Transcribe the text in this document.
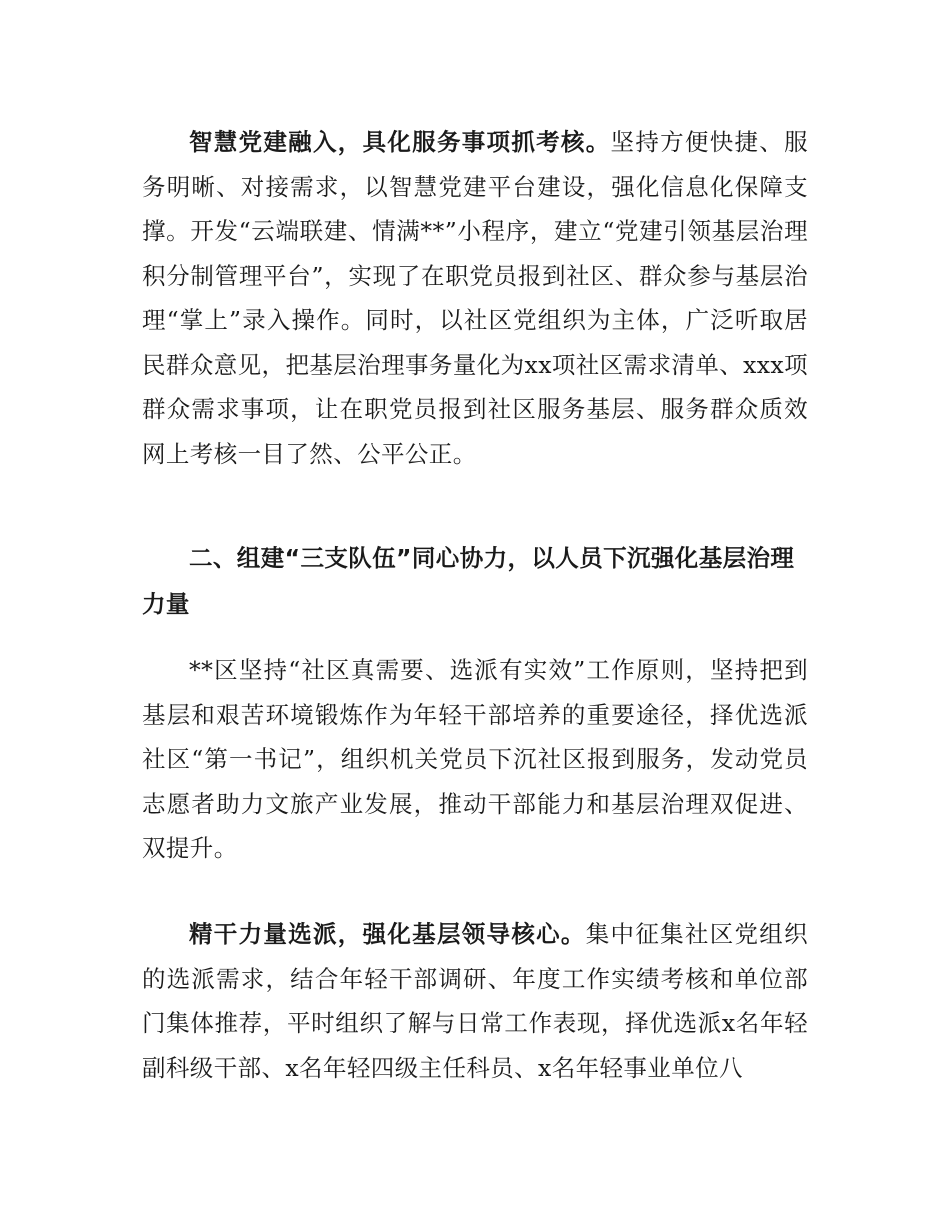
智慧党建融入，具化服务事项抓考核。坚持方便快捷、服务明晰、对接需求，以智慧党建平台建设，强化信息化保障支撑。开发“云端联建、情满**”小程序，建立“党建引领基层治理积分制管理平台”，实现了在职党员报到社区、群众参与基层治理“掌上”录入操作。同时，以社区党组织为主体，广泛听取居民群众意见，把基层治理事务量化为xx项社区需求清单、xxx项群众需求事项，让在职党员报到社区服务基层、服务群众质效网上考核一目了然、公平公正。

二、组建“三支队伍”同心协力，以人员下沉强化基层治理力量

**区坚持“社区真需要、选派有实效”工作原则，坚持把到基层和艰苦环境锻炼作为年轻干部培养的重要途径，择优选派社区“第一书记”，组织机关党员下沉社区报到服务，发动党员志愿者助力文旅产业发展，推动干部能力和基层治理双促进、双提升。

精干力量选派，强化基层领导核心。集中征集社区党组织的选派需求，结合年轻干部调研、年度工作实绩考核和单位部门集体推荐，平时组织了解与日常工作表现，择优选派x名年轻副科级干部、x名年轻四级主任科员、x名年轻事业单位八
